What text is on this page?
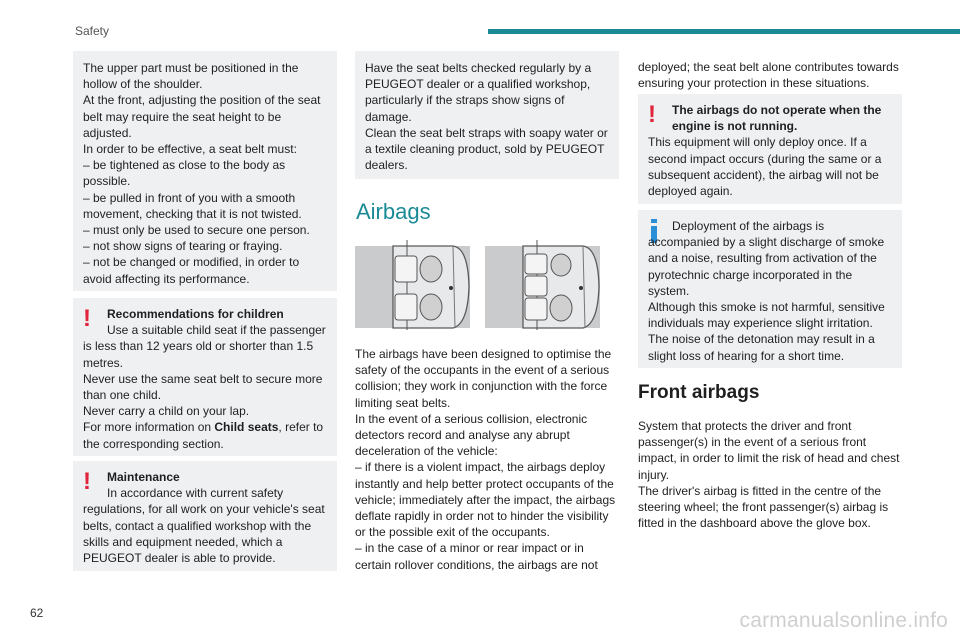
Safety

The upper part must be positioned in the hollow of the shoulder.

At the front, adjusting the position of the seat belt may require the seat height to be adjusted.

In order to be effective, a seat belt must:

– be tightened as close to the body as possible.

– be pulled in front of you with a smooth movement, checking that it is not twisted.

– must only be used to secure one person.

– not show signs of tearing or fraying.

– not be changed or modified, in order to avoid affecting its performance.

!	Recommendations for children

Use a suitable child seat if the passenger is less than 12 years old or shorter than 1.5 metres.

Never use the same seat belt to secure more than one child.

Never carry a child on your lap.

For more information on Child seats, refer to the corresponding section.

!	Maintenance

In accordance with current safety regulations, for all work on your vehicle's seat belts, contact a qualified workshop with the skills and equipment needed, which a PEUGEOT dealer is able to provide.

Have the seat belts checked regularly by a PEUGEOT dealer or a qualified workshop, particularly if the straps show signs of damage.

Clean the seat belt straps with soapy water or a textile cleaning product, sold by PEUGEOT dealers.

Airbags

The airbags have been designed to optimise the safety of the occupants in the event of a serious collision; they work in conjunction with the force limiting seat belts.

In the event of a serious collision, electronic detectors record and analyse any abrupt deceleration of the vehicle:

– if there is a violent impact, the airbags deploy instantly and help better protect occupants of the vehicle; immediately after the impact, the airbags deflate rapidly in order not to hinder the visibility or the possible exit of the occupants.

– in the case of a minor or rear impact or in certain rollover conditions, the airbags are not

deployed; the seat belt alone contributes towards ensuring your protection in these situations.

!	The airbags do not operate when the engine is not running.

This equipment will only deploy once. If a second impact occurs (during the same or a subsequent accident), the airbag will not be deployed again.

Deployment of the airbags is accompanied by a slight discharge of smoke and a noise, resulting from activation of the pyrotechnic charge incorporated in the system.

Although this smoke is not harmful, sensitive individuals may experience slight irritation.

The noise of the detonation may result in a slight loss of hearing for a short time.

Front airbags

System that protects the driver and front passenger(s) in the event of a serious front impact, in order to limit the risk of head and chest injury.

The driver's airbag is fitted in the centre of the steering wheel; the front passenger(s) airbag is fitted in the dashboard above the glove box.

62	carmanualsonline.info
